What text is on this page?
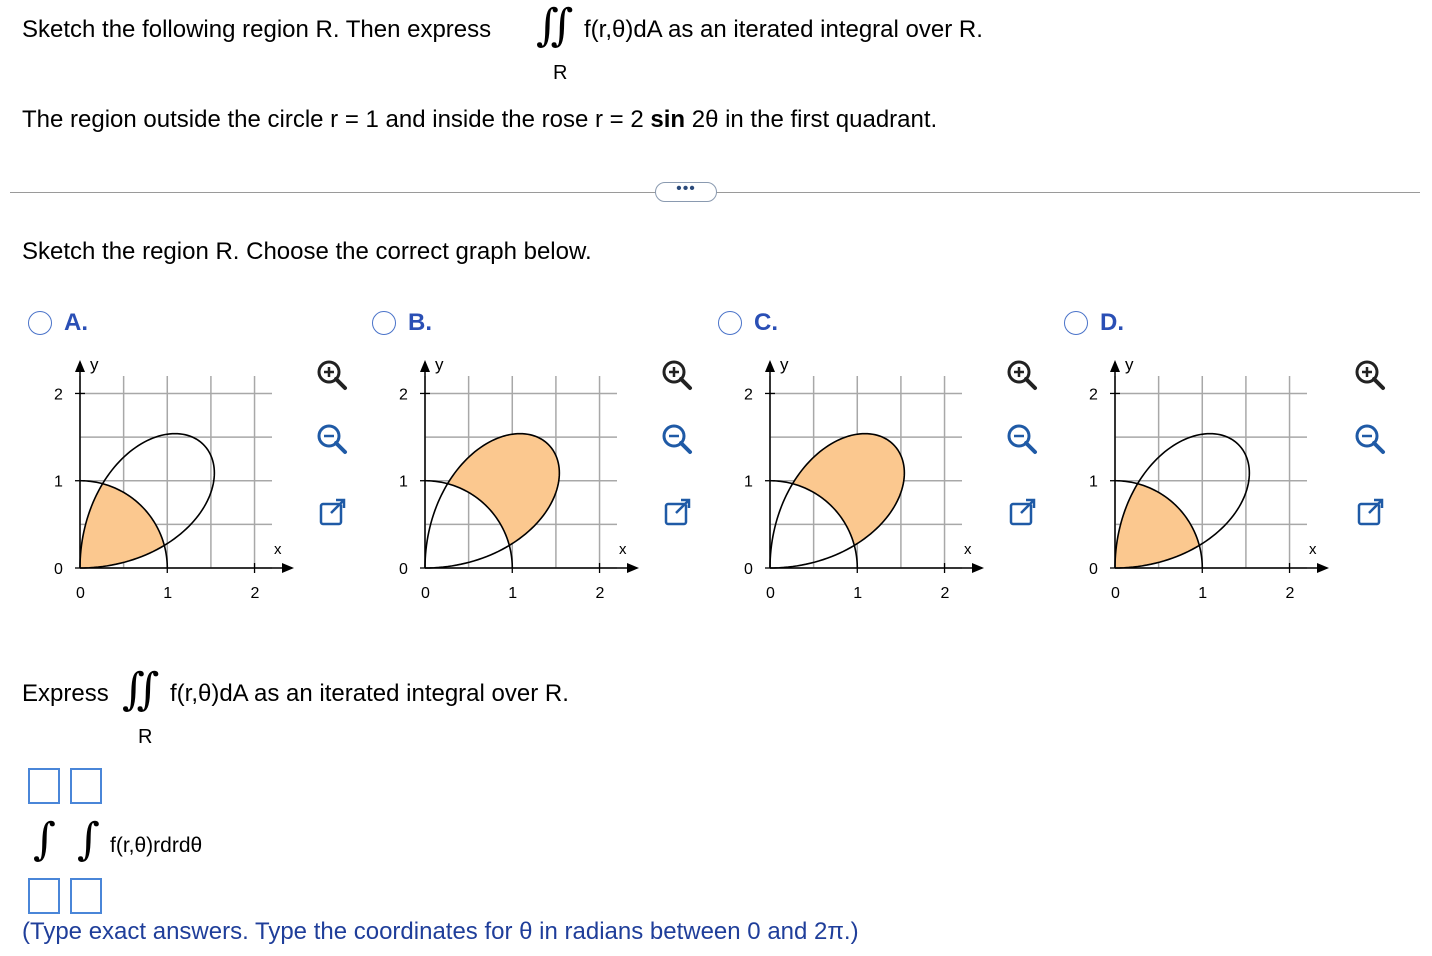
Sketch the following region R. Then express ∬ f(r,θ)dA as an iterated integral over R.
R
The region outside the circle r = 1 and inside the rose r = 2 sin 2θ in the first quadrant.
•••
Sketch the region R. Choose the correct graph below.
A.	B.	C.	D.
y
x
2
1
0
0	1	2
y
x
2
1
0
0	1	2
y
x
2
1
0
0	1	2
y
x
2
1
0
0	1	2
Express ∬ f(r,θ)dA as an iterated integral over R.
R
∫ ∫ f(r,θ)rdrdθ
(Type exact answers. Type the coordinates for θ in radians between 0 and 2π.)
